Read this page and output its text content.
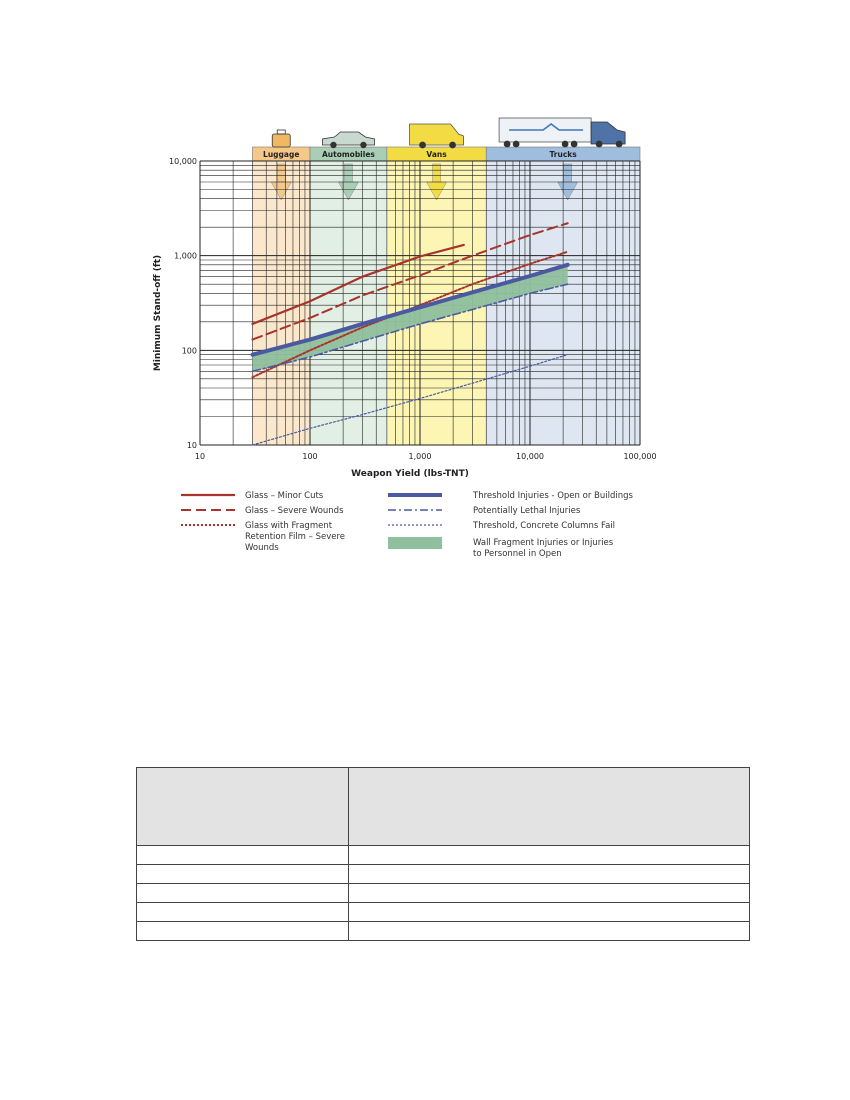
Luggage	Automobiles	Vans	Trucks
10	100	1,000	10,000	100,000
10
100
1,000
10,000
Weapon Yield (lbs-TNT)
Minimum Stand-off (ft)
Glass – Minor Cuts
Glass – Severe Wounds
Glass with Fragment Retention Film – Severe Wounds
Threshold Injuries - Open or Buildings
Potentially Lethal Injuries
Threshold, Concrete Columns Fail
Wall Fragment Injuries or Injuries to Personnel in Open
